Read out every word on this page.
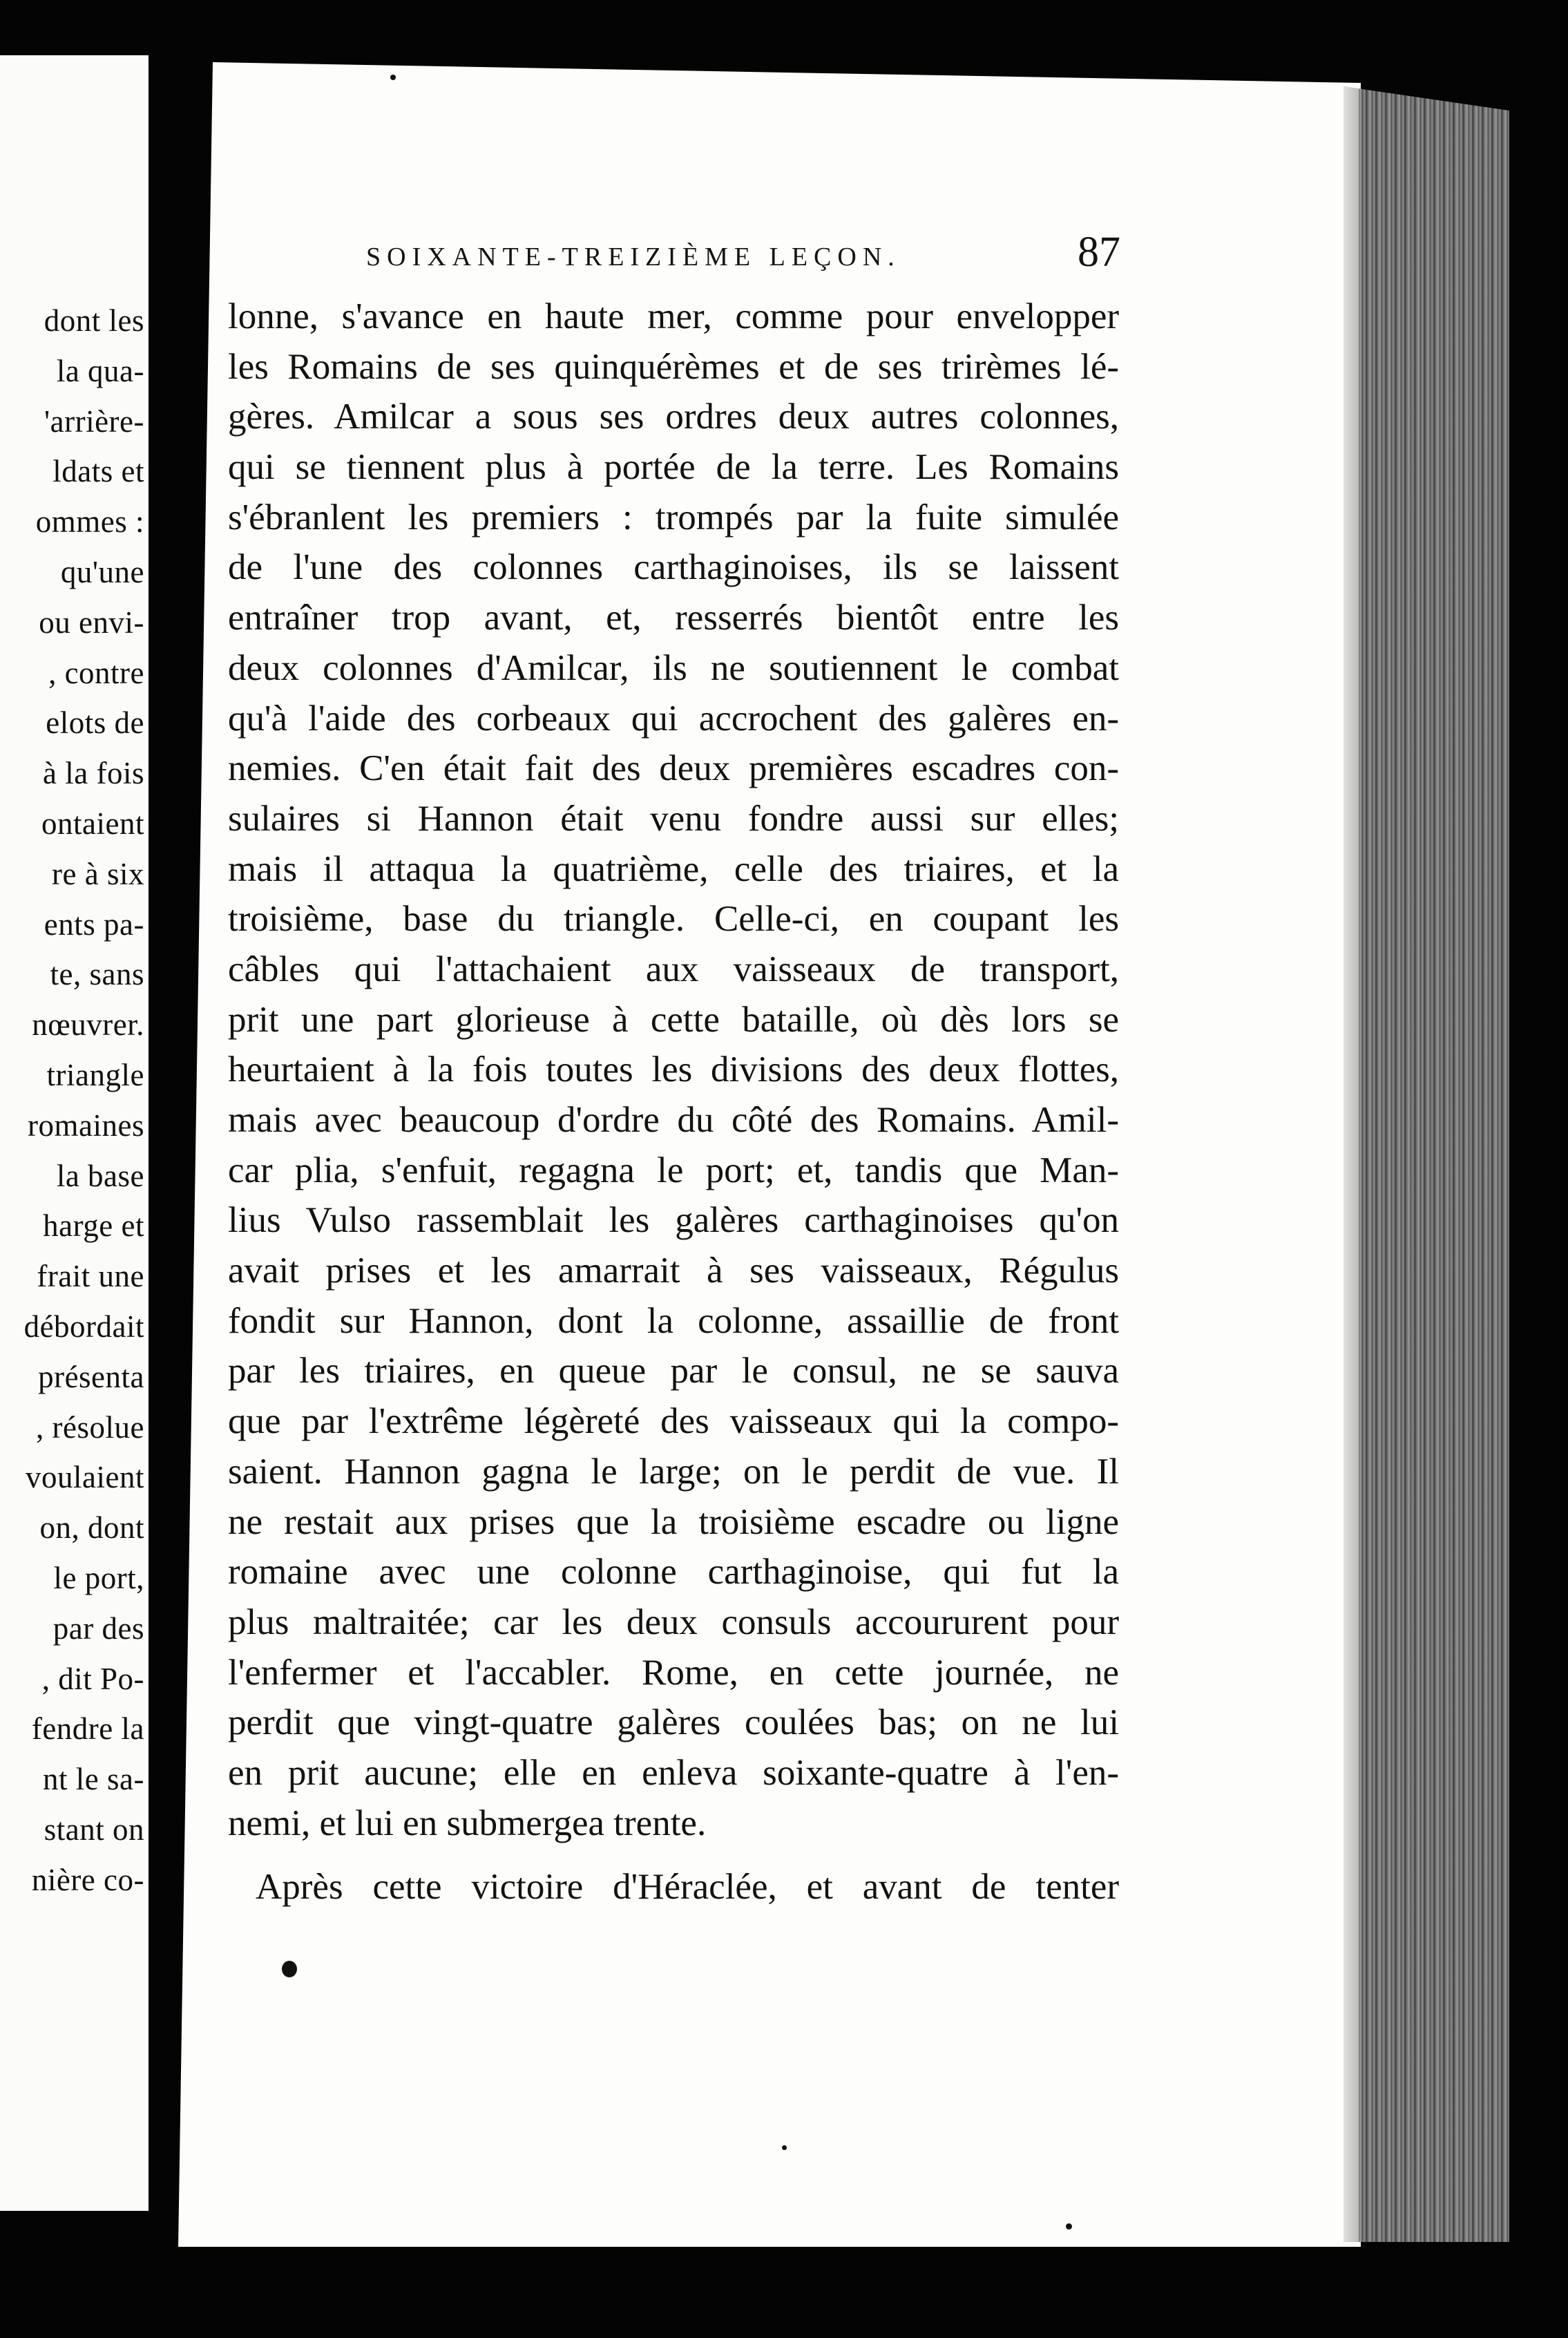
dont les
la qua-
'arrière-
ldats et
ommes :
qu'une
ou envi-
, contre
elots de
à la fois
ontaient
re à six
ents pa-
te, sans
nœuvrer.
triangle
romaines
la base
harge et
frait une
débordait
présenta
, résolue
voulaient
on, dont
le port,
par des
, dit Po-
fendre la
nt le sa-
stant on
nière co-
SOIXANTE-TREIZIÈME LEÇON.	87
lonne, s'avance en haute mer, comme pour envelopper
les Romains de ses quinquérèmes et de ses trirèmes lé-
gères. Amilcar a sous ses ordres deux autres colonnes,
qui se tiennent plus à portée de la terre. Les Romains
s'ébranlent les premiers : trompés par la fuite simulée
de l'une des colonnes carthaginoises, ils se laissent
entraîner trop avant, et, resserrés bientôt entre les
deux colonnes d'Amilcar, ils ne soutiennent le combat
qu'à l'aide des corbeaux qui accrochent des galères en-
nemies. C'en était fait des deux premières escadres con-
sulaires si Hannon était venu fondre aussi sur elles;
mais il attaqua la quatrième, celle des triaires, et la
troisième, base du triangle. Celle-ci, en coupant les
câbles qui l'attachaient aux vaisseaux de transport,
prit une part glorieuse à cette bataille, où dès lors se
heurtaient à la fois toutes les divisions des deux flottes,
mais avec beaucoup d'ordre du côté des Romains. Amil-
car plia, s'enfuit, regagna le port; et, tandis que Man-
lius Vulso rassemblait les galères carthaginoises qu'on
avait prises et les amarrait à ses vaisseaux, Régulus
fondit sur Hannon, dont la colonne, assaillie de front
par les triaires, en queue par le consul, ne se sauva
que par l'extrême légèreté des vaisseaux qui la compo-
saient. Hannon gagna le large; on le perdit de vue. Il
ne restait aux prises que la troisième escadre ou ligne
romaine avec une colonne carthaginoise, qui fut la
plus maltraitée; car les deux consuls accoururent pour
l'enfermer et l'accabler. Rome, en cette journée, ne
perdit que vingt-quatre galères coulées bas; on ne lui
en prit aucune; elle en enleva soixante-quatre à l'en-
nemi, et lui en submergea trente.
Après cette victoire d'Héraclée, et avant de tenter
